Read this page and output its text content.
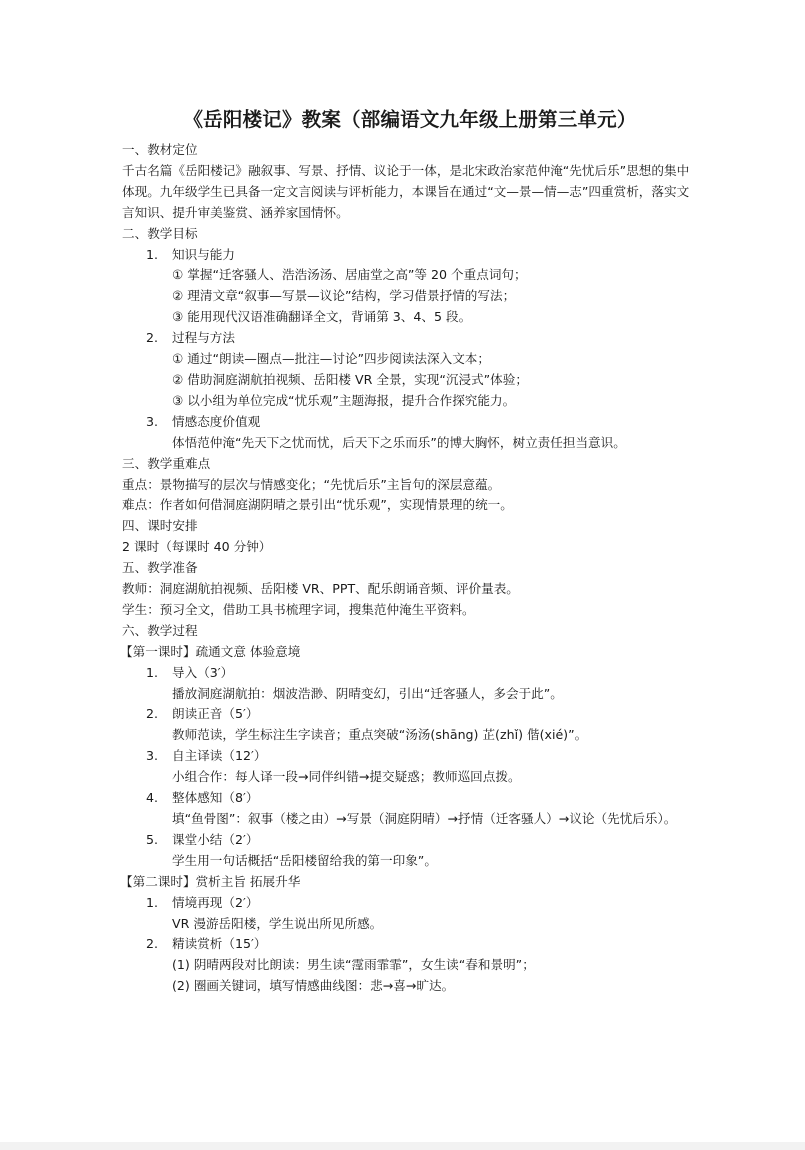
《岳阳楼记》教案（部编语文九年级上册第三单元）
一、教材定位
千古名篇《岳阳楼记》融叙事、写景、抒情、议论于一体，是北宋政治家范仲淹“先忧后乐”思想的集中体现。九年级学生已具备一定文言阅读与评析能力，本课旨在通过“文—景—情—志”四重赏析，落实文言知识、提升审美鉴赏、涵养家国情怀。
二、教学目标
1. 知识与能力
① 掌握“迁客骚人、浩浩汤汤、居庙堂之高”等 20 个重点词句；
② 理清文章“叙事—写景—议论”结构，学习借景抒情的写法；
③ 能用现代汉语准确翻译全文，背诵第 3、4、5 段。
2. 过程与方法
① 通过“朗读—圈点—批注—讨论”四步阅读法深入文本；
② 借助洞庭湖航拍视频、岳阳楼 VR 全景，实现“沉浸式”体验；
③ 以小组为单位完成“忧乐观”主题海报，提升合作探究能力。
3. 情感态度价值观
体悟范仲淹“先天下之忧而忧，后天下之乐而乐”的博大胸怀，树立责任担当意识。
三、教学重难点
重点：景物描写的层次与情感变化；“先忧后乐”主旨句的深层意蕴。
难点：作者如何借洞庭湖阴晴之景引出“忧乐观”，实现情景理的统一。
四、课时安排
2 课时（每课时 40 分钟）
五、教学准备
教师：洞庭湖航拍视频、岳阳楼 VR、PPT、配乐朗诵音频、评价量表。
学生：预习全文，借助工具书梳理字词，搜集范仲淹生平资料。
六、教学过程
【第一课时】疏通文意 体验意境
1. 导入（3′）
播放洞庭湖航拍：烟波浩渺、阴晴变幻，引出“迁客骚人，多会于此”。
2. 朗读正音（5′）
教师范读，学生标注生字读音；重点突破“汤汤(shāng) 芷(zhǐ) 偕(xié)”。
3. 自主译读（12′）
小组合作：每人译一段→同伴纠错→提交疑惑；教师巡回点拨。
4. 整体感知（8′）
填“鱼骨图”：叙事（楼之由）→写景（洞庭阴晴）→抒情（迁客骚人）→议论（先忧后乐）。
5. 课堂小结（2′）
学生用一句话概括“岳阳楼留给我的第一印象”。
【第二课时】赏析主旨 拓展升华
1. 情境再现（2′）
VR 漫游岳阳楼，学生说出所见所感。
2. 精读赏析（15′）
(1) 阴晴两段对比朗读：男生读“霪雨霏霏”，女生读“春和景明”；
(2) 圈画关键词，填写情感曲线图：悲→喜→旷达。
